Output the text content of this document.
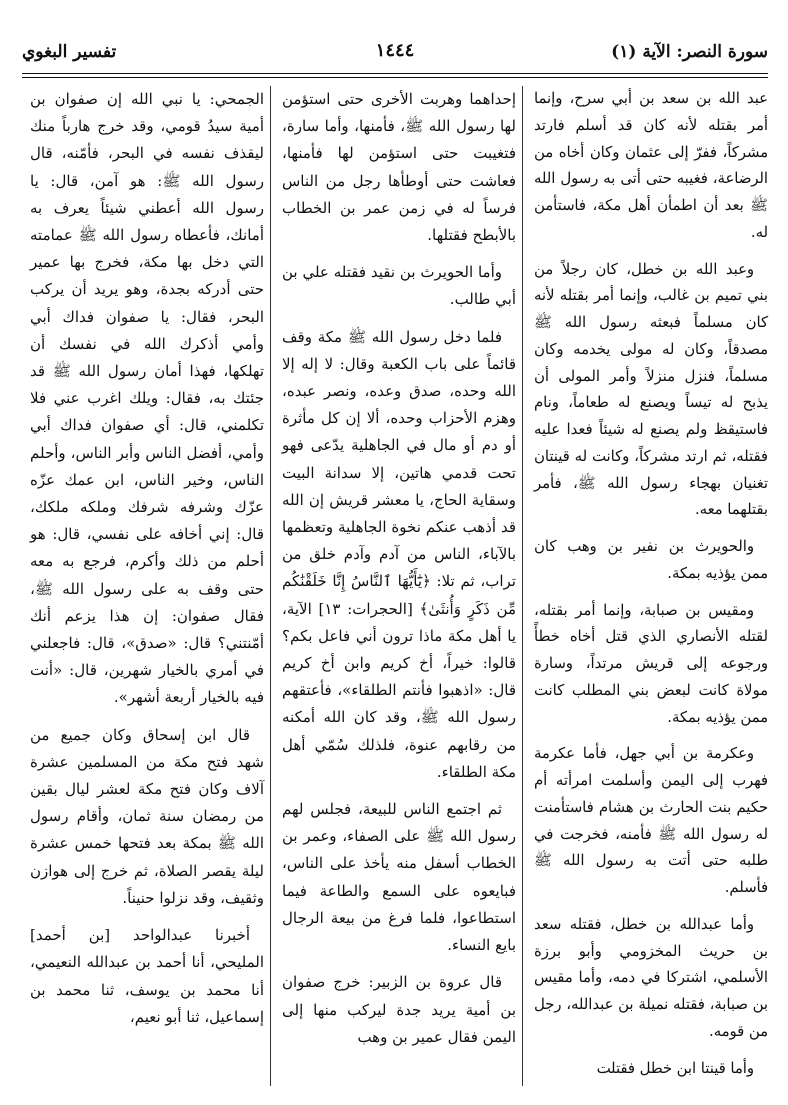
سورة النصر: الآية (١)
١٤٤٤
تفسير البغوي

عبد الله بن سعد بن أبي سرح، وإنما أمر بقتله لأنه كان قد أسلم فارتد مشركاً، ففرّ إلى عثمان وكان أخاه من الرضاعة، فغيبه حتى أتى به رسول الله ﷺ بعد أن اطمأن أهل مكة، فاستأمن له.

وعبد الله بن خطل، كان رجلاً من بني تميم بن غالب، وإنما أمر بقتله لأنه كان مسلماً فبعثه رسول الله ﷺ مصدقاً، وكان له مولى يخدمه وكان مسلماً، فنزل منزلاً وأمر المولى أن يذبح له تيساً ويصنع له طعاماً، ونام فاستيقظ ولم يصنع له شيئاً فعدا عليه فقتله، ثم ارتد مشركاً، وكانت له قينتان تغنيان بهجاء رسول الله ﷺ، فأمر بقتلهما معه.

والحويرث بن نفير بن وهب كان ممن يؤذيه بمكة.

ومقيس بن صبابة، وإنما أمر بقتله، لقتله الأنصاري الذي قتل أخاه خطأً ورجوعه إلى قريش مرتداً، وسارة مولاة كانت لبعض بني المطلب كانت ممن يؤذيه بمكة.

وعكرمة بن أبي جهل، فأما عكرمة فهرب إلى اليمن وأسلمت امرأته أم حكيم بنت الحارث بن هشام فاستأمنت له رسول الله ﷺ فأمنه، فخرجت في طلبه حتى أتت به رسول الله ﷺ فأسلم.

وأما عبدالله بن خطل، فقتله سعد بن حريث المخزومي وأبو برزة الأسلمي، اشتركا في دمه، وأما مقيس بن صبابة، فقتله نميلة بن عبدالله، رجل من قومه.

وأما قينتا ابن خطل فقتلت

إحداهما وهربت الأخرى حتى استؤمن لها رسول الله ﷺ، فأمنها، وأما سارة، فتغيبت حتى استؤمن لها فأمنها، فعاشت حتى أوطأها رجل من الناس فرساً له في زمن عمر بن الخطاب بالأبطح فقتلها.

وأما الحويرث بن نقيد فقتله علي بن أبي طالب.

فلما دخل رسول الله ﷺ مكة وقف قائماً على باب الكعبة وقال: لا إله إلا الله وحده، صدق وعده، ونصر عبده، وهزم الأحزاب وحده، ألا إن كل مأثرة أو دم أو مال في الجاهلية يدّعى فهو تحت قدمي هاتين، إلا سدانة البيت وسقاية الحاج، يا معشر قريش إن الله قد أذهب عنكم نخوة الجاهلية وتعظمها بالآباء، الناس من آدم وآدم خلق من تراب، ثم تلا: ﴿يَٰٓأَيُّهَا ٱلنَّاسُ إِنَّا خَلَقْنَٰكُم مِّن ذَكَرٍ وَأُنثَىٰ﴾ [الحجرات: ١٣] الآية، يا أهل مكة ماذا ترون أني فاعل بكم؟ قالوا: خيراً، أخ كريم وابن أخ كريم قال: «اذهبوا فأنتم الطلقاء»، فأعتقهم رسول الله ﷺ، وقد كان الله أمكنه من رقابهم عنوة، فلذلك سُمّي أهل مكة الطلقاء.

ثم اجتمع الناس للبيعة، فجلس لهم رسول الله ﷺ على الصفاء، وعمر بن الخطاب أسفل منه يأخذ على الناس، فبايعوه على السمع والطاعة فيما استطاعوا، فلما فرغ من بيعة الرجال بايع النساء.

قال عروة بن الزبير: خرج صفوان بن أمية يريد جدة ليركب منها إلى اليمن فقال عمير بن وهب

الجمحي: يا نبي الله إن صفوان بن أمية سيدُ قومي، وقد خرج هارباً منك ليقذف نفسه في البحر، فأمّنه، قال رسول الله ﷺ: هو آمن، قال: يا رسول الله أعطني شيئاً يعرف به أمانك، فأعطاه رسول الله ﷺ عمامته التي دخل بها مكة، فخرج بها عمير حتى أدركه بجدة، وهو يريد أن يركب البحر، فقال: يا صفوان فداك أبي وأمي أذكرك الله في نفسك أن تهلكها، فهذا أمان رسول الله ﷺ قد جئتك به، فقال: ويلك اغرب عني فلا تكلمني، قال: أي صفوان فداك أبي وأمي، أفضل الناس وأبر الناس، وأحلم الناس، وخير الناس، ابن عمك عزّه عزّك وشرفه شرفك وملكه ملكك، قال: إني أخافه على نفسي، قال: هو أحلم من ذلك وأكرم، فرجع به معه حتى وقف به على رسول الله ﷺ، فقال صفوان: إن هذا يزعم أنك أمّنتني؟ قال: «صدق»، قال: فاجعلني في أمري بالخيار شهرين، قال: «أنت فيه بالخيار أربعة أشهر».

قال ابن إسحاق وكان جميع من شهد فتح مكة من المسلمين عشرة آلاف وكان فتح مكة لعشر ليال بقين من رمضان سنة ثمان، وأقام رسول الله ﷺ بمكة بعد فتحها خمس عشرة ليلة يقصر الصلاة، ثم خرج إلى هوازن وثقيف، وقد نزلوا حنيناً.

أخبرنا عبدالواحد [بن أحمد] المليحي، أنا أحمد بن عبدالله النعيمي، أنا محمد بن يوسف، ثنا محمد بن إسماعيل، ثنا أبو نعيم،
